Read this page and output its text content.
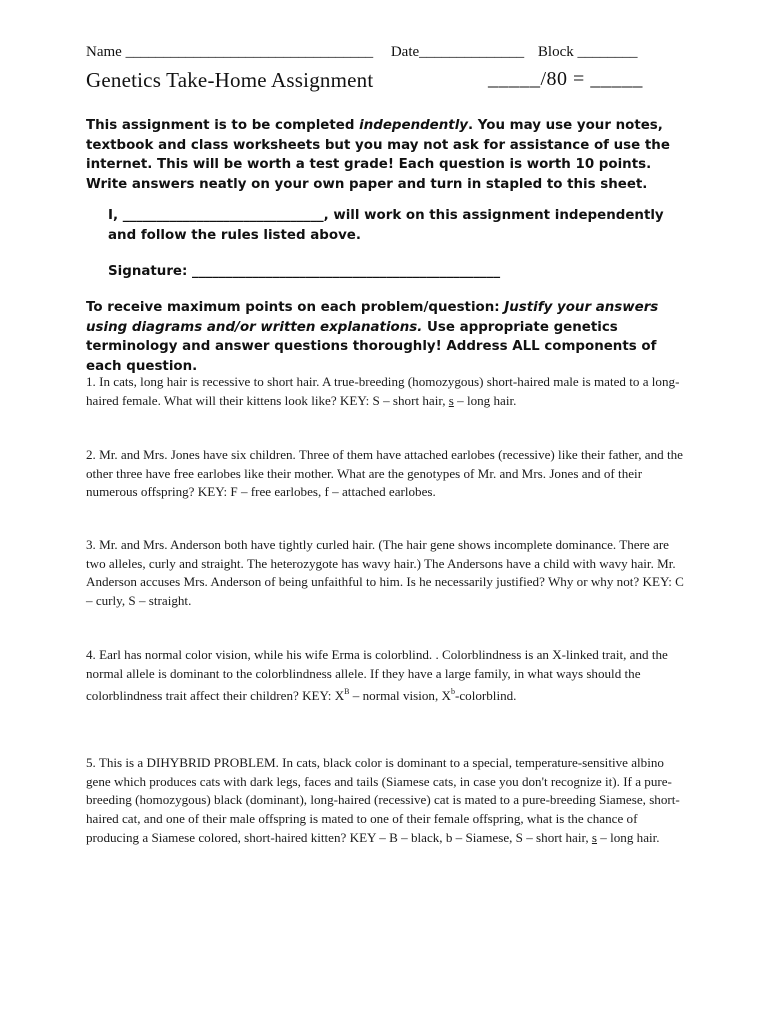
Name _________________________________ Date______________ Block ________
Genetics Take-Home Assignment	_____/80 = _____
This assignment is to be completed independently. You may use your notes, textbook and class worksheets but you may not ask for assistance of use the internet. This will be worth a test grade! Each question is worth 10 points. Write answers neatly on your own paper and turn in stapled to this sheet.
I, ______________________________, will work on this assignment independently and follow the rules listed above.
Signature: ______________________________________________
To receive maximum points on each problem/question: Justify your answers using diagrams and/or written explanations. Use appropriate genetics terminology and answer questions thoroughly! Address ALL components of each question.
1. In cats, long hair is recessive to short hair. A true-breeding (homozygous) short-haired male is mated to a long-haired female. What will their kittens look like? KEY: S – short hair, s – long hair.
2. Mr. and Mrs. Jones have six children. Three of them have attached earlobes (recessive) like their father, and the other three have free earlobes like their mother. What are the genotypes of Mr. and Mrs. Jones and of their numerous offspring? KEY: F – free earlobes, f – attached earlobes.
3. Mr. and Mrs. Anderson both have tightly curled hair. (The hair gene shows incomplete dominance. There are two alleles, curly and straight. The heterozygote has wavy hair.) The Andersons have a child with wavy hair. Mr. Anderson accuses Mrs. Anderson of being unfaithful to him. Is he necessarily justified? Why or why not? KEY: C – curly, S – straight.
4. Earl has normal color vision, while his wife Erma is colorblind. . Colorblindness is an X-linked trait, and the normal allele is dominant to the colorblindness allele. If they have a large family, in what ways should the colorblindness trait affect their children? KEY: $X^B$ – normal vision, $X^b$-colorblind.
5. This is a DIHYBRID PROBLEM. In cats, black color is dominant to a special, temperature-sensitive albino gene which produces cats with dark legs, faces and tails (Siamese cats, in case you don't recognize it). If a pure-breeding (homozygous) black (dominant), long-haired (recessive) cat is mated to a pure-breeding Siamese, short-haired cat, and one of their male offspring is mated to one of their female offspring, what is the chance of producing a Siamese colored, short-haired kitten? KEY – B – black, b – Siamese, S – short hair, s – long hair.
